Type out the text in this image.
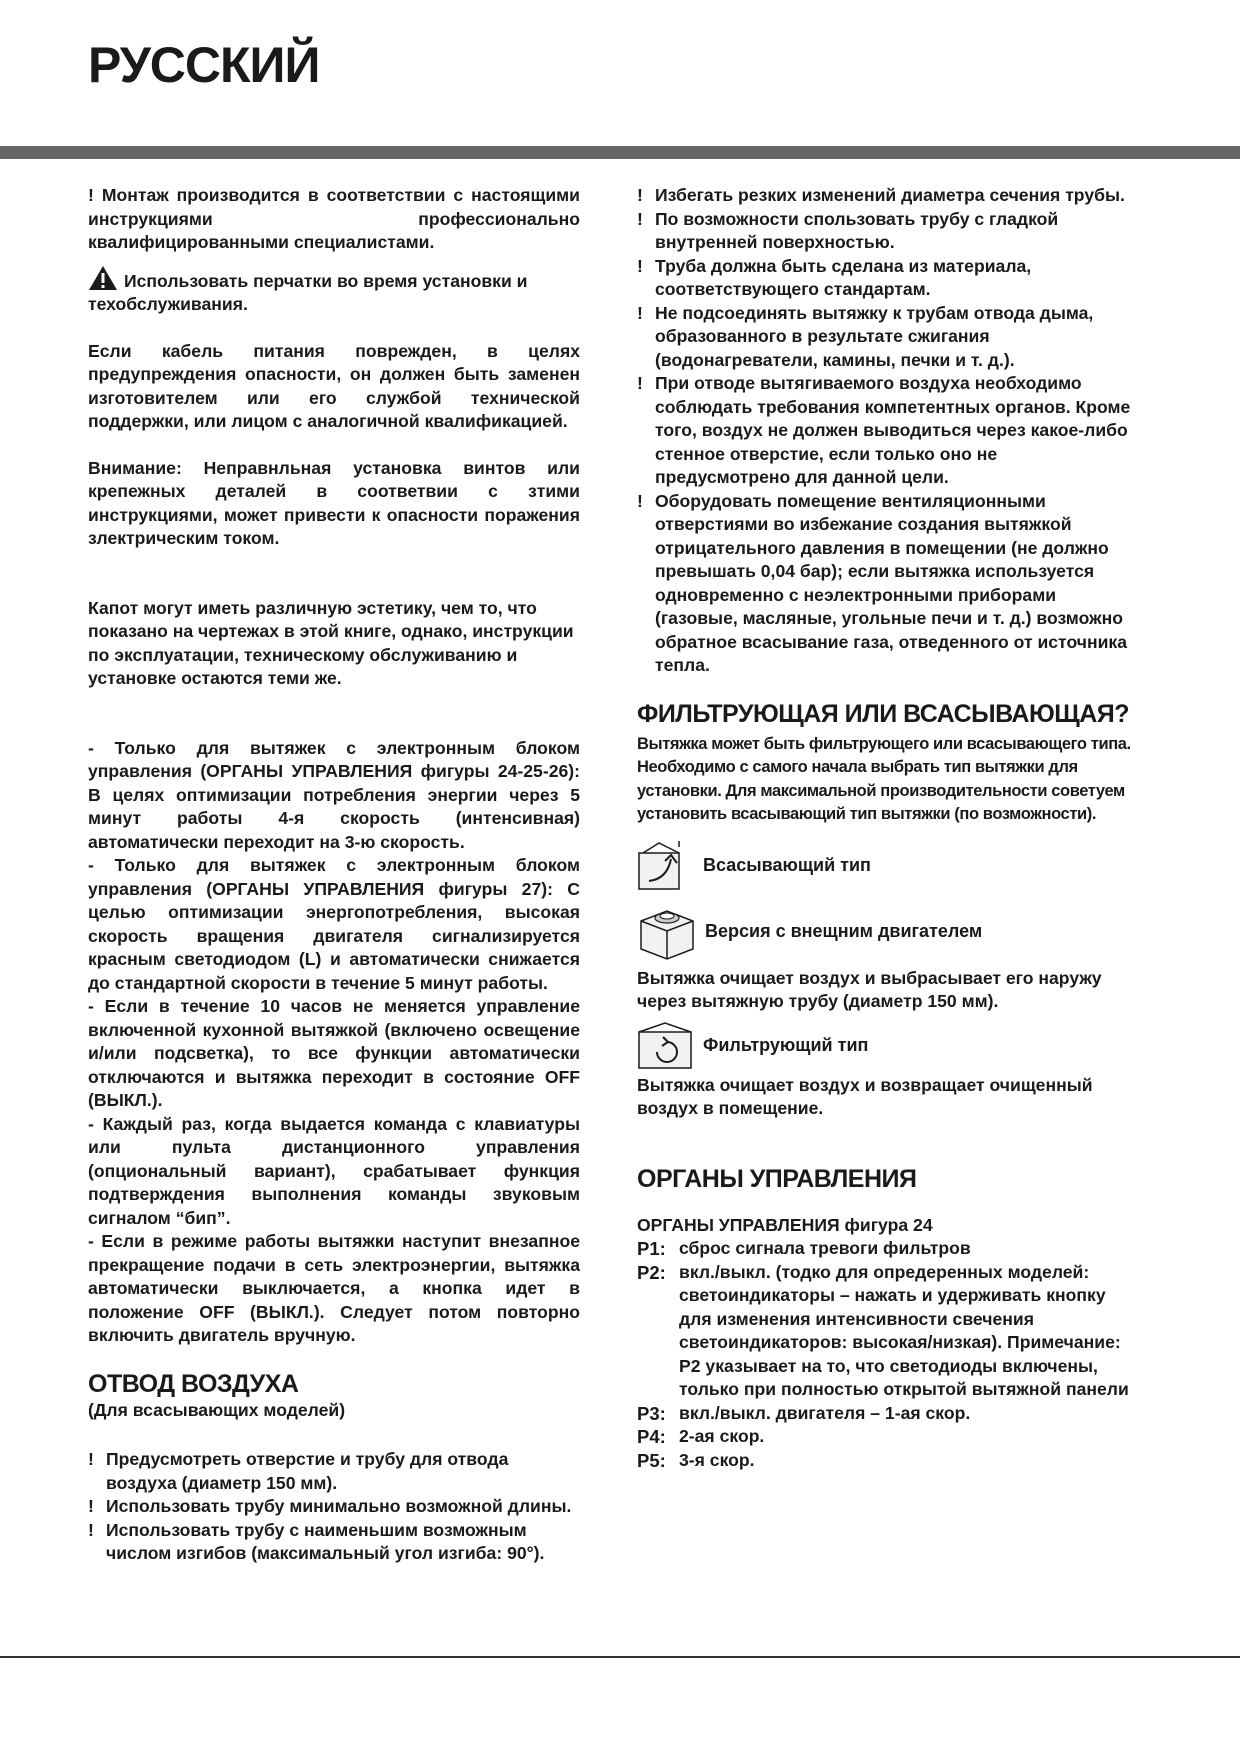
РУССКИЙ

! Монтаж производится в соответствии с настоящими инструкциями профессионально квалифицированными специалистами.

Использовать перчатки во время установки и техобслуживания.

Если кабель питания поврежден, в целях предупреждения опасности, он должен быть заменен изготовителем или его службой технической поддержки, или лицом с аналогичной квалификацией.

Внимание: Неправнльная установка винтов или крепежных деталей в соответвии с зтими инструкциями, может привести к опасности поражения злектрическим током.

Капот могут иметь различную эстетику, чем то, что показано на чертежах в этой книге, однако, инструкции по эксплуатации, техническому обслуживанию и установке остаются теми же.

- Только для вытяжек с электронным блоком управления (ОРГАНЫ УПРАВЛЕНИЯ фигуры 24-25-26): В целях оптимизации потребления энергии через 5 минут работы 4-я скорость (интенсивная) автоматически переходит на 3-ю скорость.

- Только для вытяжек с электронным блоком управления (ОРГАНЫ УПРАВЛЕНИЯ фигуры 27): С целью оптимизации энергопотребления, высокая скорость вращения двигателя сигнализируется красным светодиодом (L) и автоматически снижается до стандартной скорости в течение 5 минут работы.

- Если в течение 10 часов не меняется управление включенной кухонной вытяжкой (включено освещение и/или подсветка), то все функции автоматически отключаются и вытяжка переходит в состояние OFF (ВЫКЛ.).

- Каждый раз, когда выдается команда с клавиатуры или пульта дистанционного управления (опциональный вариант), срабатывает функция подтверждения выполнения команды звуковым сигналом “бип”.

- Если в режиме работы вытяжки наступит внезапное прекращение подачи в сеть электроэнергии, вытяжка автоматически выключается, а кнопка идет в положение OFF (ВЫКЛ.). Следует потом повторно включить двигатель вручную.

ОТВОД ВОЗДУХА

(Для всасывающих моделей)

! Предусмотреть отверстие и трубу для отвода воздуха (диаметр 150 мм).
! Использовать трубу минимально возможной длины.
! Использовать трубу с наименьшим возможным числом изгибов (максимальный угол изгиба: 90°).
! Избегать резких изменений диаметра сечения трубы.
! По возможности спользовать трубу с гладкой внутренней поверхностью.
! Труба должна быть сделана из материала, соответствующего стандартам.
! Не подсоединять вытяжку к трубам отвода дыма, образованного в результате сжигания (водонагреватели, камины, печки и т. д.).
! При отводе вытягиваемого воздуха необходимо соблюдать требования компетентных органов. Кроме того, воздух не должен выводиться через какое-либо стенное отверстие, если только оно не предусмотрено для данной цели.
! Оборудовать помещение вентиляционными отверстиями во избежание создания вытяжкой отрицательного давления в помещении (не должно превышать 0,04 бар); если вытяжка используется одновременно с неэлектронными приборами (газовые, масляные, угольные печи и т. д.) возможно обратное всасывание газа, отведенного от источника тепла.

ФИЛЬТРУЮЩАЯ ИЛИ ВСАСЫВАЮЩАЯ?

Вытяжка может быть фильтрующего или всасывающего типа. Необходимо с самого начала выбрать тип вытяжки для установки. Для максимальной производительности советуем установить всасывающий тип вытяжки (по возможности).

Всасывающий тип
Версия с внещним двигателем

Вытяжка очищает воздух и выбрасывает его наружу через вытяжную трубу (диаметр 150 мм).

Фильтрующий тип

Вытяжка очищает воздух и возвращает очищенный воздух в помещение.

ОРГАНЫ УПРАВЛЕНИЯ

ОРГАНЫ УПРАВЛЕНИЯ фигура 24

P1: сброс сигнала тревоги фильтров
P2: вкл./выкл. (тодко для опредеренных моделей: светоиндикаторы – нажать и удерживать кнопку для изменения интенсивности свечения светоиндикаторов: высокая/низкая). Примечание: P2 указывает на то, что светодиоды включены, только при полностью открытой вытяжной панели
P3: вкл./выкл. двигателя – 1-ая скор.
P4: 2-ая скор.
P5: 3-я скор.
